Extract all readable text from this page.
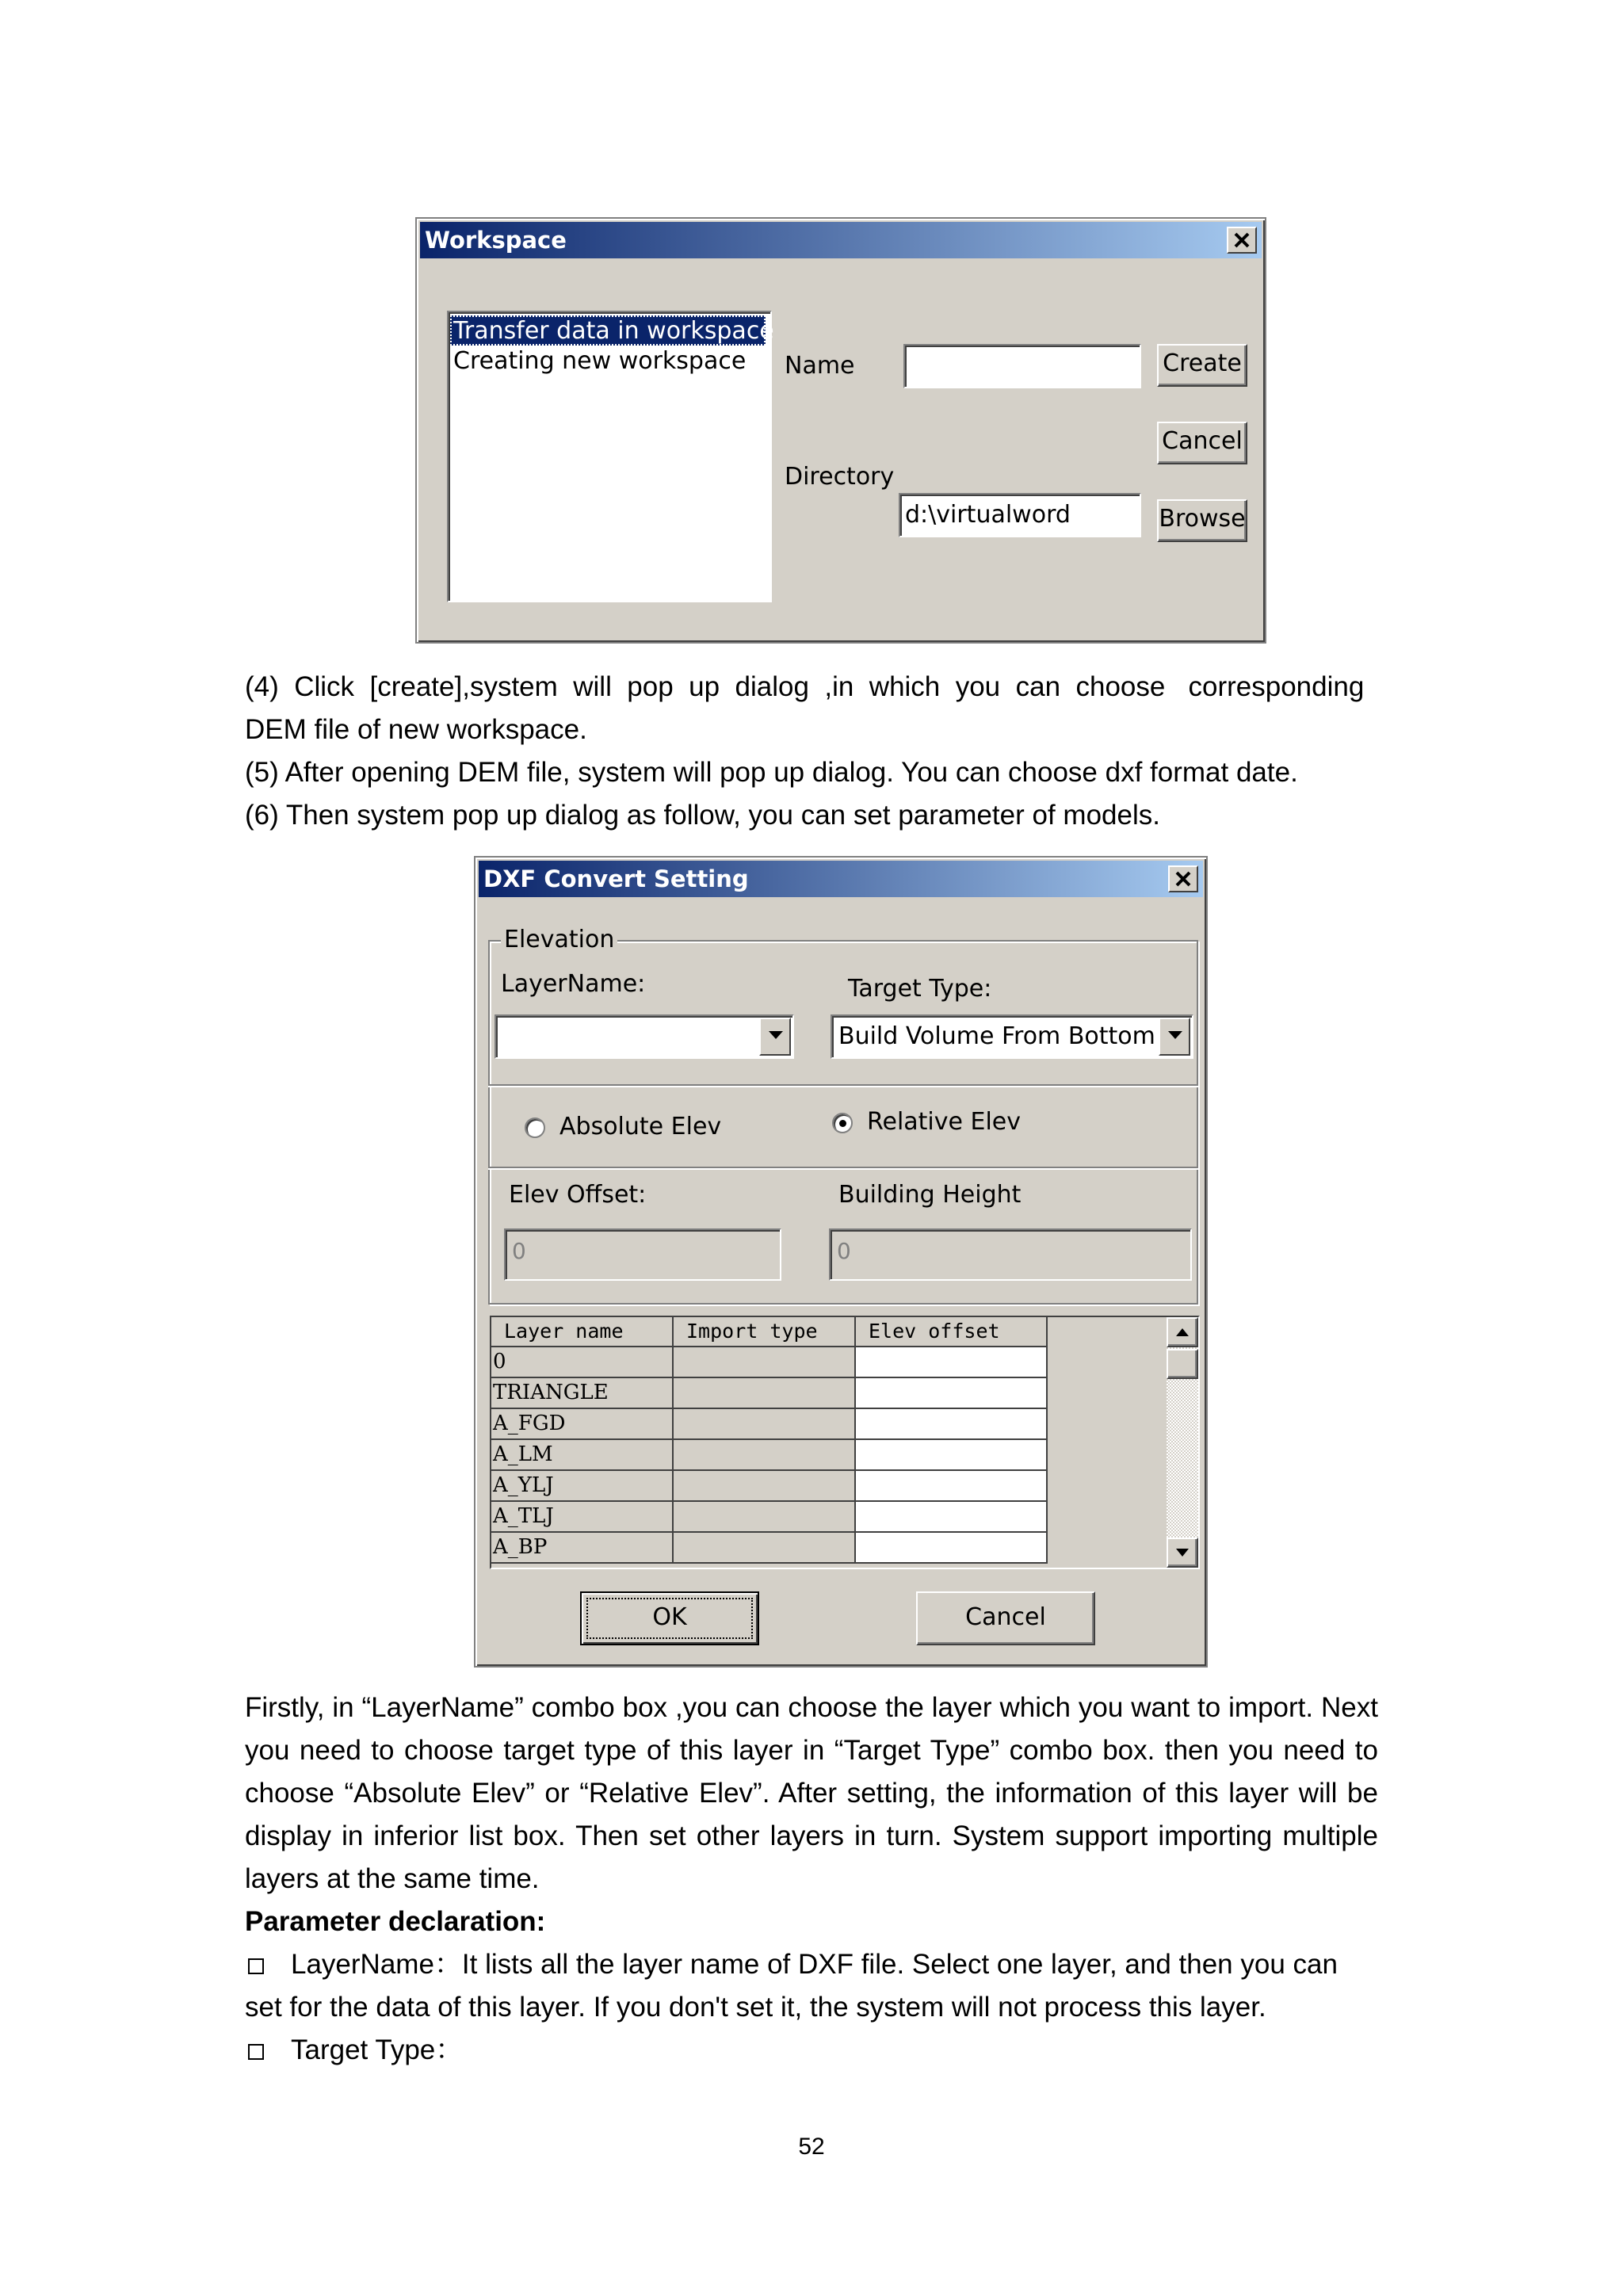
Workspace
Transfer data in workspace
Creating new workspace Name	Create
Cancel
Directory
d:\virtualword	Browse
(4)  Click  [create],system  will  pop  up  dialog  ,in  which  you  can  choose   corresponding
DEM file of new workspace.
(5) After opening DEM file, system will pop up dialog. You can choose dxf format date.
(6) Then system pop up dialog as follow, you can set parameter of models.
DXF Convert Setting
Elevation
LayerName:	Target Type:
Build Volume From Bottom
Absolute Elev	Relative Elev
Elev Offset:	Building Height
0	0
Layer name	Import type	Elev offset
0
TRIANGLE
A_FGD
A_LM
A_YLJ
A_TLJ
A_BP
OK	Cancel
Firstly, in “LayerName” combo box ,you can choose the layer which you want to import. Next you need to choose target type of this layer in “Target Type” combo box. then you need to choose “Absolute Elev” or “Relative Elev”. After setting, the information of this layer will be display in inferior list box. Then set other layers in turn. System support importing multiple layers at the same time.
Parameter declaration:
LayerName：It lists all the layer name of DXF file. Select one layer, and then you can
set for the data of this layer. If you don't set it, the system will not process this layer.
Target Type：
52
